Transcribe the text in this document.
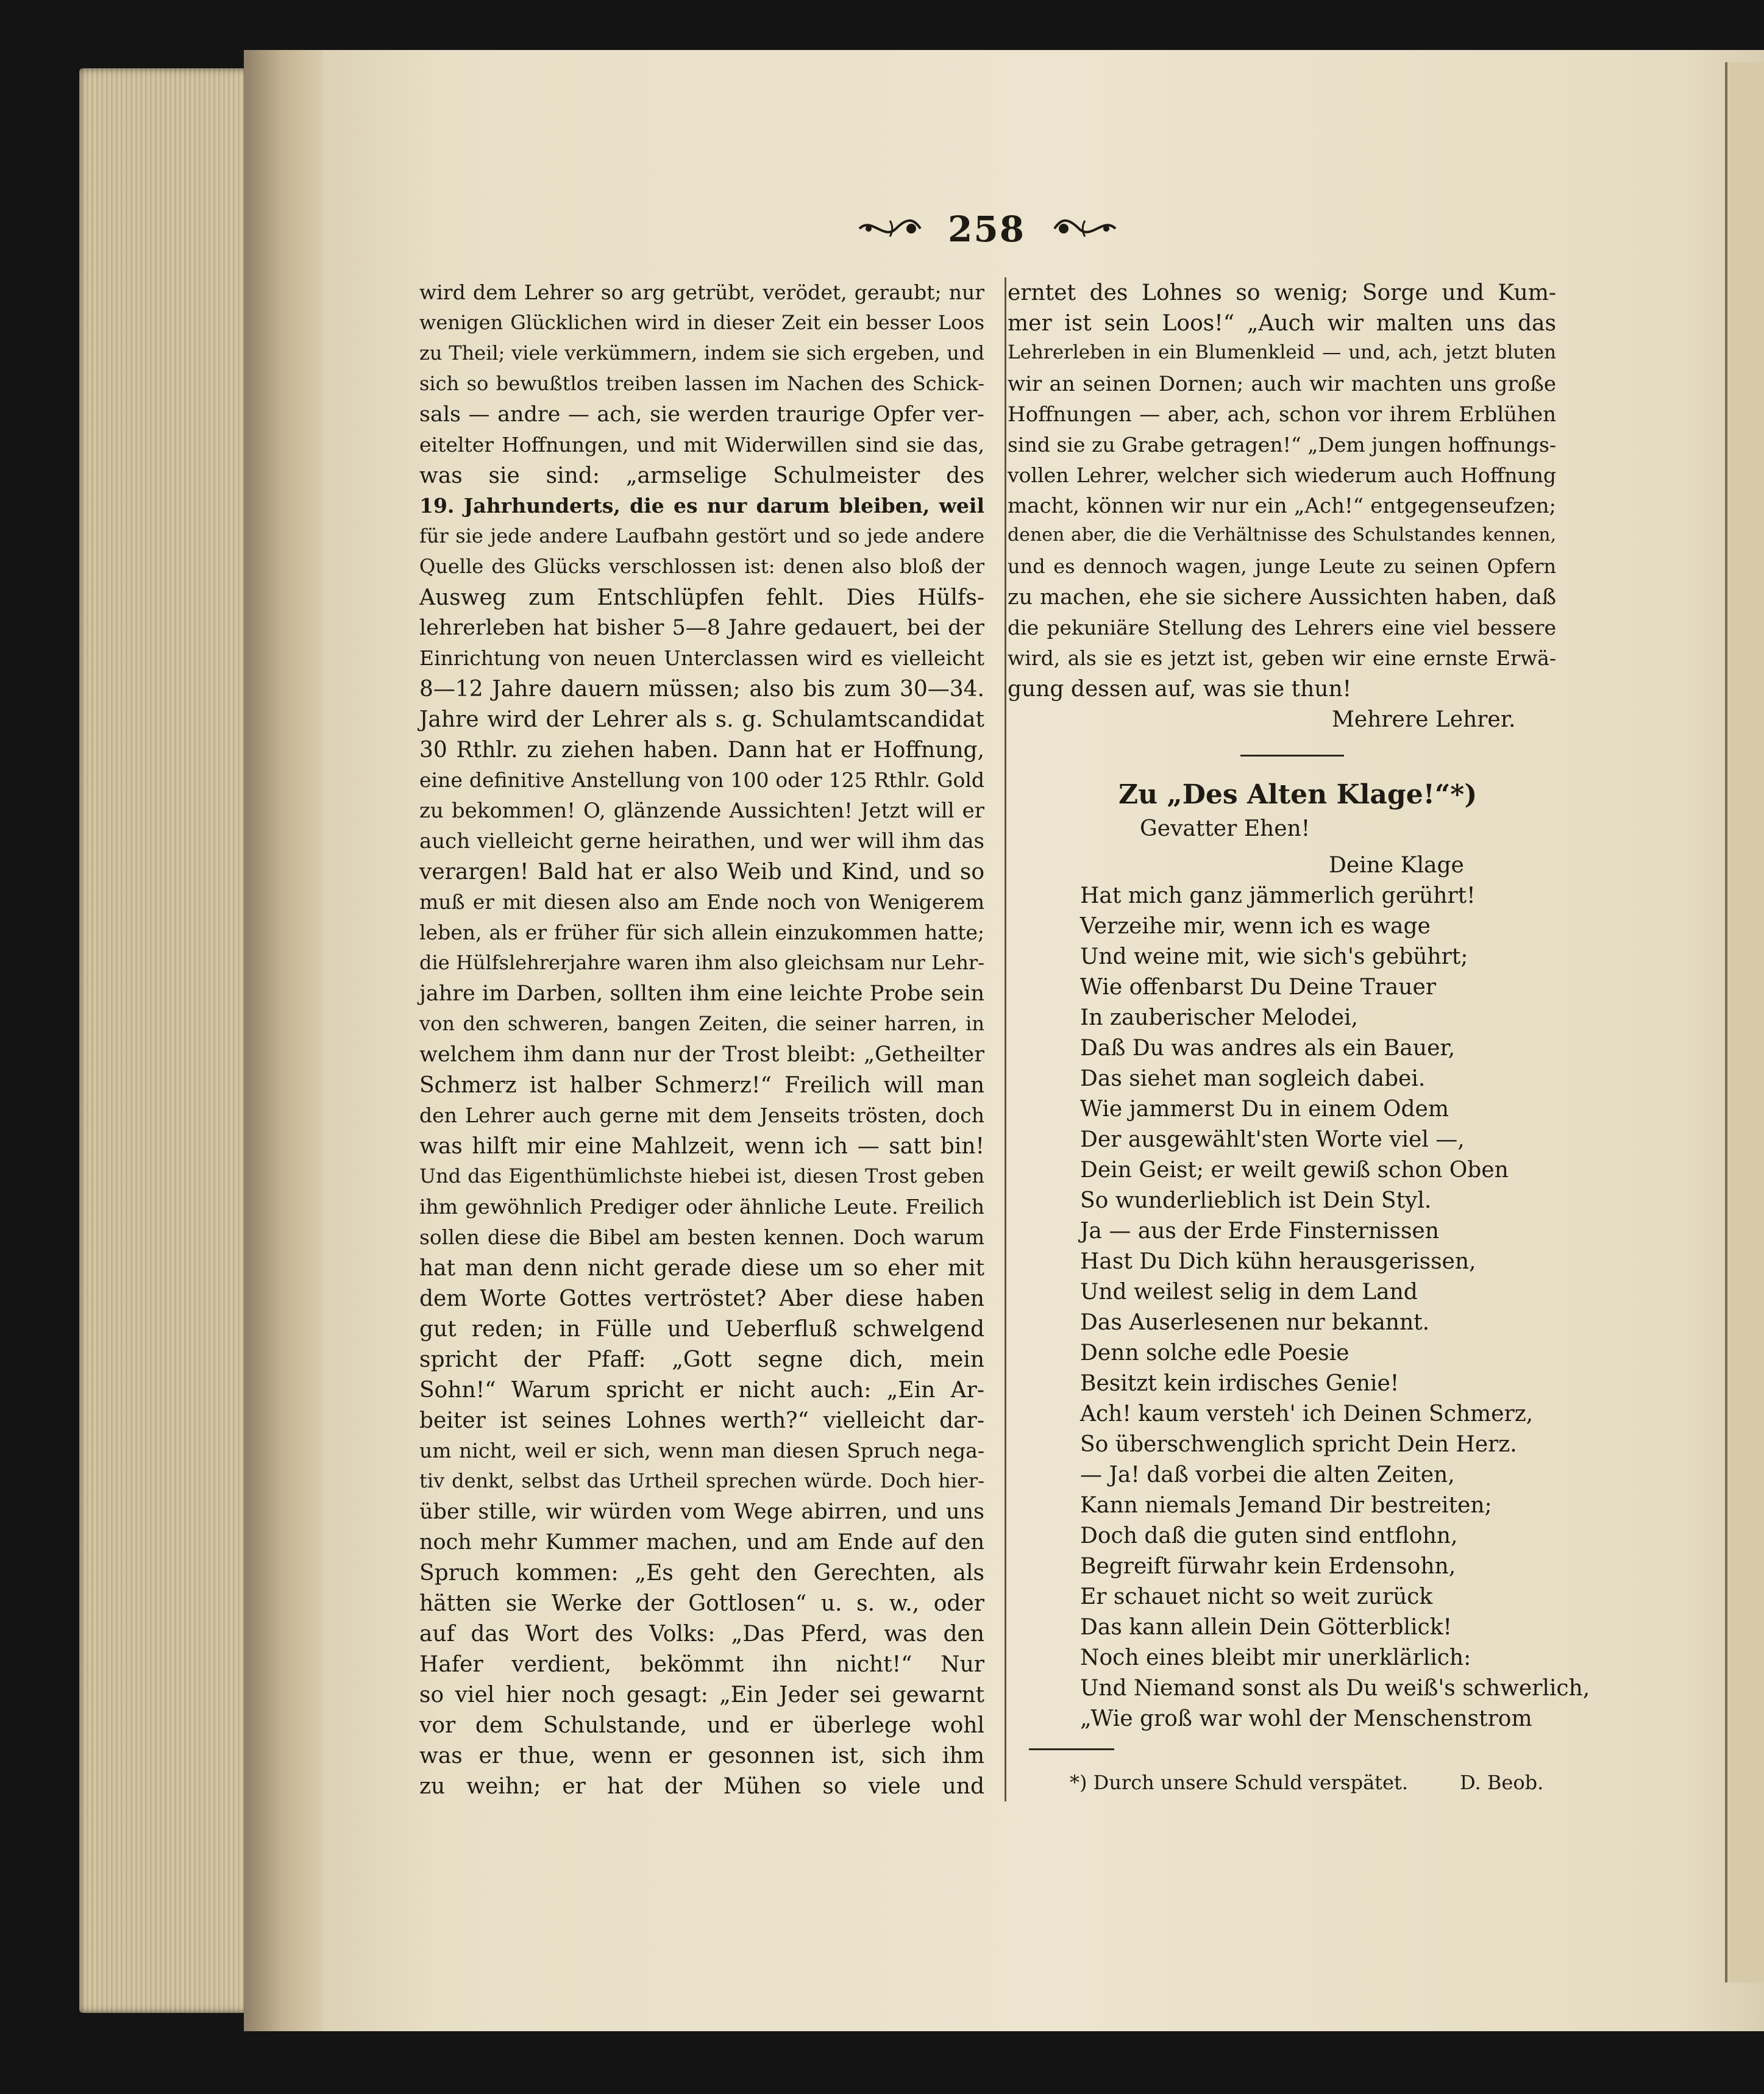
258
wird dem Lehrer so arg getrübt, verödet, geraubt; nur
wenigen Glücklichen wird in dieser Zeit ein besser Loos
zu Theil; viele verkümmern, indem sie sich ergeben, und
sich so bewußtlos treiben lassen im Nachen des Schick-
sals — andre — ach, sie werden traurige Opfer ver-
eitelter Hoffnungen, und mit Widerwillen sind sie das,
was sie sind: „armselige Schulmeister des
19. Jahrhunderts, die es nur darum bleiben, weil
für sie jede andere Laufbahn gestört und so jede andere
Quelle des Glücks verschlossen ist: denen also bloß der
Ausweg zum Entschlüpfen fehlt. Dies Hülfs-
lehrerleben hat bisher 5—8 Jahre gedauert, bei der
Einrichtung von neuen Unterclassen wird es vielleicht
8—12 Jahre dauern müssen; also bis zum 30—34.
Jahre wird der Lehrer als s. g. Schulamtscandidat
30 Rthlr. zu ziehen haben. Dann hat er Hoffnung,
eine definitive Anstellung von 100 oder 125 Rthlr. Gold
zu bekommen! O, glänzende Aussichten! Jetzt will er
auch vielleicht gerne heirathen, und wer will ihm das
verargen! Bald hat er also Weib und Kind, und so
muß er mit diesen also am Ende noch von Wenigerem
leben, als er früher für sich allein einzukommen hatte;
die Hülfslehrerjahre waren ihm also gleichsam nur Lehr-
jahre im Darben, sollten ihm eine leichte Probe sein
von den schweren, bangen Zeiten, die seiner harren, in
welchem ihm dann nur der Trost bleibt: „Getheilter
Schmerz ist halber Schmerz!“ Freilich will man
den Lehrer auch gerne mit dem Jenseits trösten, doch
was hilft mir eine Mahlzeit, wenn ich — satt bin!
Und das Eigenthümlichste hiebei ist, diesen Trost geben
ihm gewöhnlich Prediger oder ähnliche Leute. Freilich
sollen diese die Bibel am besten kennen. Doch warum
hat man denn nicht gerade diese um so eher mit
dem Worte Gottes vertröstet? Aber diese haben
gut reden; in Fülle und Ueberfluß schwelgend
spricht der Pfaff: „Gott segne dich, mein
Sohn!“ Warum spricht er nicht auch: „Ein Ar-
beiter ist seines Lohnes werth?“ vielleicht dar-
um nicht, weil er sich, wenn man diesen Spruch nega-
tiv denkt, selbst das Urtheil sprechen würde. Doch hier-
über stille, wir würden vom Wege abirren, und uns
noch mehr Kummer machen, und am Ende auf den
Spruch kommen: „Es geht den Gerechten, als
hätten sie Werke der Gottlosen“ u. s. w., oder
auf das Wort des Volks: „Das Pferd, was den
Hafer verdient, bekömmt ihn nicht!“ Nur
so viel hier noch gesagt: „Ein Jeder sei gewarnt
vor dem Schulstande, und er überlege wohl
was er thue, wenn er gesonnen ist, sich ihm
zu weihn; er hat der Mühen so viele und
erntet des Lohnes so wenig; Sorge und Kum-
mer ist sein Loos!“ „Auch wir malten uns das
Lehrerleben in ein Blumenkleid — und, ach, jetzt bluten
wir an seinen Dornen; auch wir machten uns große
Hoffnungen — aber, ach, schon vor ihrem Erblühen
sind sie zu Grabe getragen!“ „Dem jungen hoffnungs-
vollen Lehrer, welcher sich wiederum auch Hoffnung
macht, können wir nur ein „Ach!“ entgegenseufzen;
denen aber, die die Verhältnisse des Schulstandes kennen,
und es dennoch wagen, junge Leute zu seinen Opfern
zu machen, ehe sie sichere Aussichten haben, daß
die pekuniäre Stellung des Lehrers eine viel bessere
wird, als sie es jetzt ist, geben wir eine ernste Erwä-
gung dessen auf, was sie thun!
Mehrere Lehrer.
Zu „Des Alten Klage!“*)
Gevatter Ehen!
Deine Klage
Hat mich ganz jämmerlich gerührt!
Verzeihe mir, wenn ich es wage
Und weine mit, wie sich's gebührt;
Wie offenbarst Du Deine Trauer
In zauberischer Melodei,
Daß Du was andres als ein Bauer,
Das siehet man sogleich dabei.
Wie jammerst Du in einem Odem
Der ausgewählt'sten Worte viel —,
Dein Geist; er weilt gewiß schon Oben
So wunderlieblich ist Dein Styl.
Ja — aus der Erde Finsternissen
Hast Du Dich kühn herausgerissen,
Und weilest selig in dem Land
Das Auserlesenen nur bekannt.
Denn solche edle Poesie
Besitzt kein irdisches Genie!
Ach! kaum versteh' ich Deinen Schmerz,
So überschwenglich spricht Dein Herz.
— Ja! daß vorbei die alten Zeiten,
Kann niemals Jemand Dir bestreiten;
Doch daß die guten sind entflohn,
Begreift fürwahr kein Erdensohn,
Er schauet nicht so weit zurück
Das kann allein Dein Götterblick!
Noch eines bleibt mir unerklärlich:
Und Niemand sonst als Du weiß's schwerlich,
„Wie groß war wohl der Menschenstrom
*) Durch unsere Schuld verspätet.	D. Beob.
